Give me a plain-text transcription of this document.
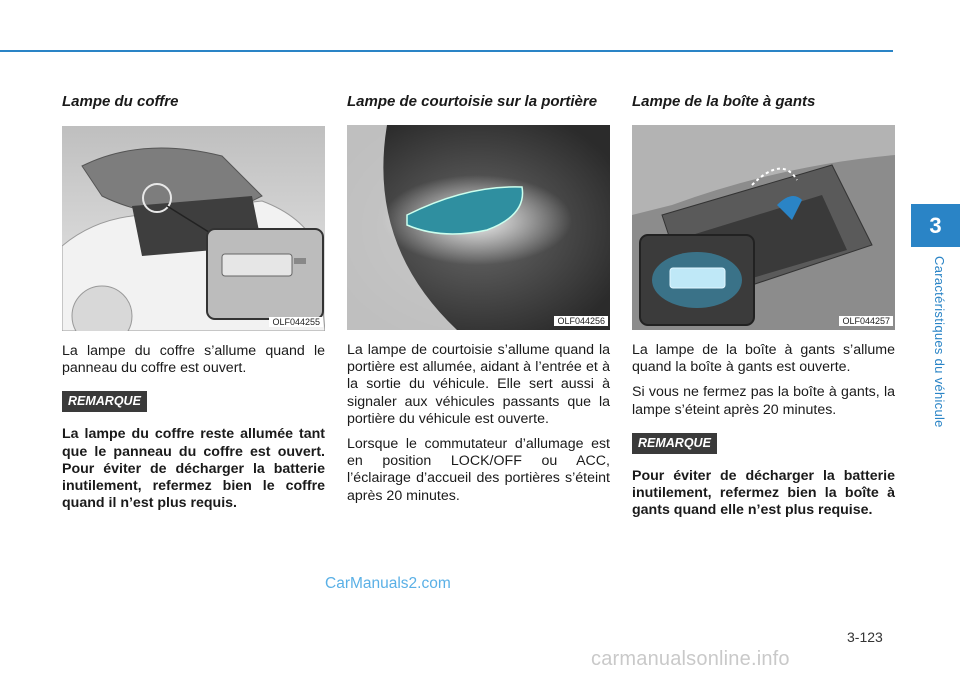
3
Caractéristiques du véhicule
Lampe du coffre
OLF044255

La lampe du coffre s’allume quand le panneau du coffre est ouvert.

REMARQUE

La lampe du coffre reste allumée tant que le panneau du coffre est ouvert. Pour éviter de décharger la batterie inutilement, refermez bien le coffre quand il n’est plus requis.

Lampe de courtoisie sur la portière
OLF044256

La lampe de courtoisie s’allume quand la portière est allumée, aidant à l’entrée et à la sortie du véhicule. Elle sert aussi à signaler aux véhicules passants que la portière du véhicule est ouverte.

Lorsque le commutateur d’allumage est en position LOCK/OFF ou ACC, l’éclairage d’accueil des portières s’éteint après 20 minutes.

Lampe de la boîte à gants
OLF044257

La lampe de la boîte à gants s’allume quand la boîte à gants est ouverte.

Si vous ne fermez pas la boîte à gants, la lampe s’éteint après 20 minutes.

REMARQUE

Pour éviter de décharger la batterie inutilement, refermez bien la boîte à gants quand elle n’est plus requise.

CarManuals2.com
3-123
carmanualsonline.info
